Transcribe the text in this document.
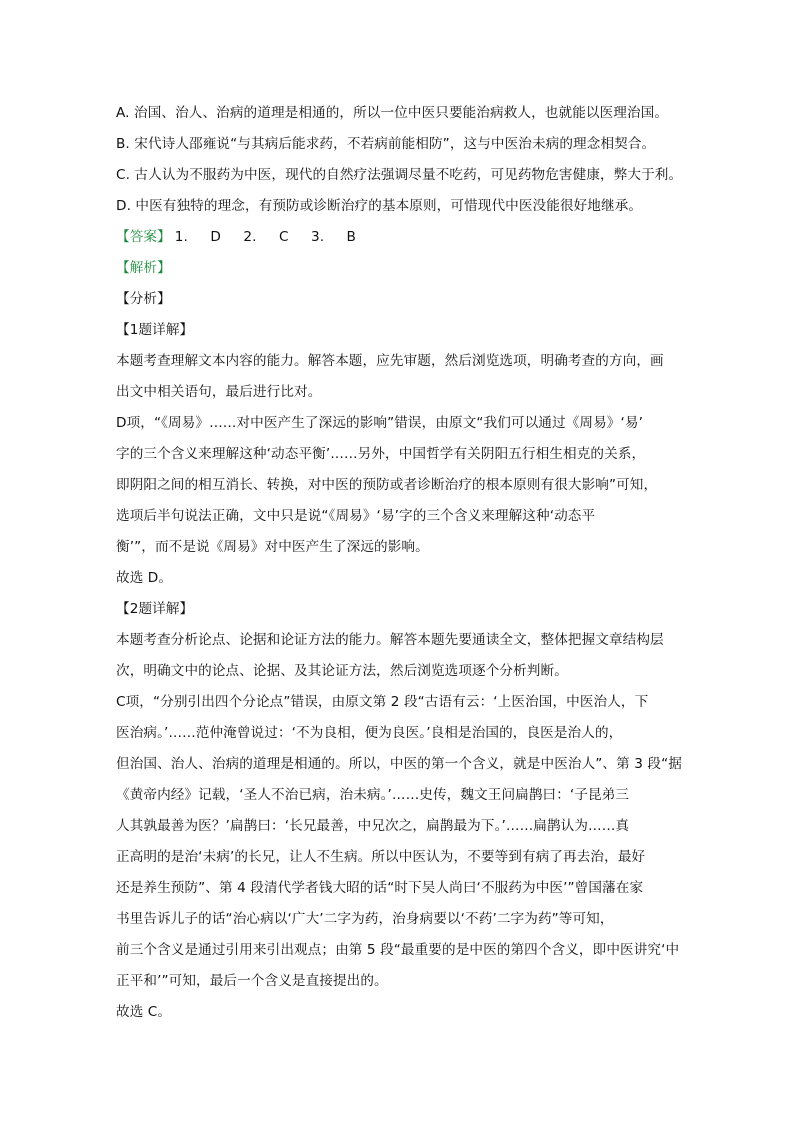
A. 治国、治人、治病的道理是相通的，所以一位中医只要能治病救人，也就能以医理治国。
B. 宋代诗人邵雍说“与其病后能求药，不若病前能相防”，这与中医治未病的理念相契合。
C. 古人认为不服药为中医，现代的自然疗法强调尽量不吃药，可见药物危害健康，弊大于利。
D. 中医有独特的理念，有预防或诊断治疗的基本原则，可惜现代中医没能很好地继承。
【答案】 1. D 2. C 3. B
【解析】
【分析】
【1题详解】
本题考查理解文本内容的能力。解答本题，应先审题，然后浏览选项，明确考查的方向，画
出文中相关语句，最后进行比对。
D项，“《周易》……对中医产生了深远的影响”错误，由原文“我们可以通过《周易》‘易’
字的三个含义来理解这种‘动态平衡’……另外，中国哲学有关阴阳五行相生相克的关系，
即阴阳之间的相互消长、转换，对中医的预防或者诊断治疗的根本原则有很大影响”可知，
选项后半句说法正确，文中只是说“《周易》‘易’字的三个含义来理解这种‘动态平
衡’”，而不是说《周易》对中医产生了深远的影响。
故选 D。
【2题详解】
本题考查分析论点、论据和论证方法的能力。解答本题先要通读全文，整体把握文章结构层
次，明确文中的论点、论据、及其论证方法，然后浏览选项逐个分析判断。
C项，“分别引出四个分论点”错误，由原文第 2 段“古语有云：‘上医治国，中医治人，下
医治病。’……范仲淹曾说过：‘不为良相，便为良医。’良相是治国的，良医是治人的，
但治国、治人、治病的道理是相通的。所以，中医的第一个含义，就是中医治人”、第 3 段“据
《黄帝内经》记载，‘圣人不治已病，治未病。’……史传，魏文王问扁鹊曰：‘子昆弟三
人其孰最善为医？’扁鹊曰：‘长兄最善，中兄次之，扁鹊最为下。’……扁鹊认为……真
正高明的是治‘未病’的长兄，让人不生病。所以中医认为，不要等到有病了再去治，最好
还是养生预防”、第 4 段清代学者钱大昭的话“时下吴人尚曰‘不服药为中医’”曾国藩在家
书里告诉儿子的话“治心病以‘广大’二字为药，治身病要以‘不药’二字为药”等可知，
前三个含义是通过引用来引出观点；由第 5 段“最重要的是中医的第四个含义，即中医讲究‘中
正平和’”可知，最后一个含义是直接提出的。
故选 C。
